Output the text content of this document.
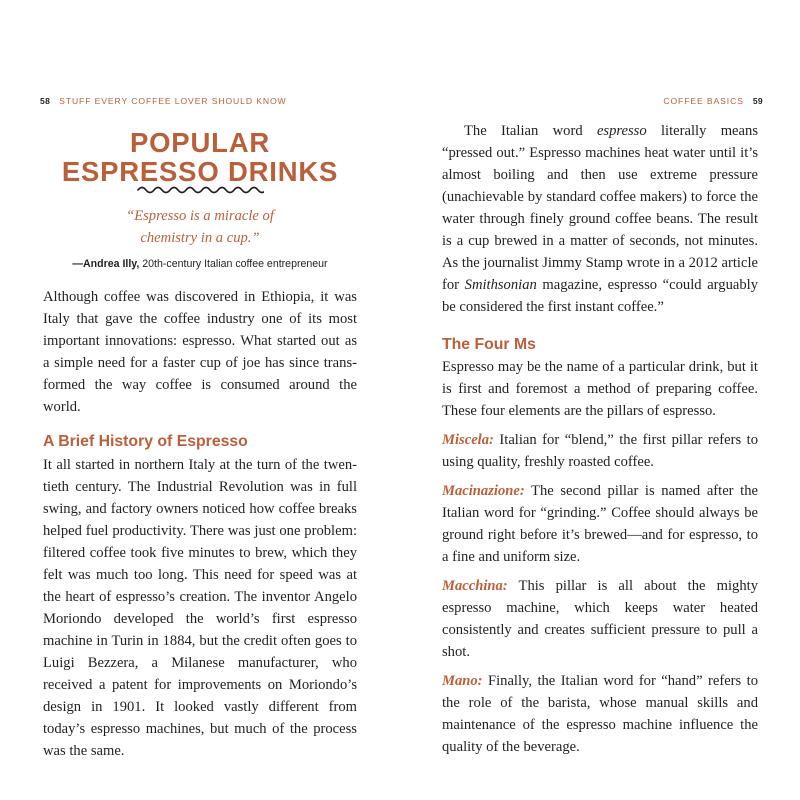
58 STUFF EVERY COFFEE LOVER SHOULD KNOW
POPULAR
ESPRESSO DRINKS

“Espresso is a miracle of
chemistry in a cup.”

—Andrea Illy, 20th-century Italian coffee entrepreneur

Although coffee was discovered in Ethiopia, it was Italy that gave the coffee industry one of its most important innovations: espresso. What started out as a simple need for a faster cup of joe has since transformed the way coffee is consumed around the world.

A Brief History of Espresso

It all started in northern Italy at the turn of the twentieth century. The Industrial Revolution was in full swing, and factory owners noticed how coffee breaks helped fuel productivity. There was just one problem: filtered coffee took five minutes to brew, which they felt was much too long. This need for speed was at the heart of espresso’s creation. The inventor Angelo Moriondo developed the world’s first espresso machine in Turin in 1884, but the credit often goes to Luigi Bezzera, a Milanese manufacturer, who received a patent for improvements on Moriondo’s design in 1901. It looked vastly different from today’s espresso machines, but much of the process was the same.

COFFEE BASICS 59

The Italian word espresso literally means “pressed out.” Espresso machines heat water until it’s almost boiling and then use extreme pressure (unachievable by standard coffee makers) to force the water through finely ground coffee beans. The result is a cup brewed in a matter of seconds, not minutes. As the journalist Jimmy Stamp wrote in a 2012 article for Smithsonian magazine, espresso “could arguably be considered the first instant coffee.”

The Four Ms

Espresso may be the name of a particular drink, but it is first and foremost a method of preparing coffee. These four elements are the pillars of espresso.

Miscela: Italian for “blend,” the first pillar refers to using quality, freshly roasted coffee.

Macinazione: The second pillar is named after the Italian word for “grinding.” Coffee should always be ground right before it’s brewed—and for espresso, to a fine and uniform size.

Macchina: This pillar is all about the mighty espresso machine, which keeps water heated consistently and creates sufficient pressure to pull a shot.

Mano: Finally, the Italian word for “hand” refers to the role of the barista, whose manual skills and maintenance of the espresso machine influence the quality of the beverage.
